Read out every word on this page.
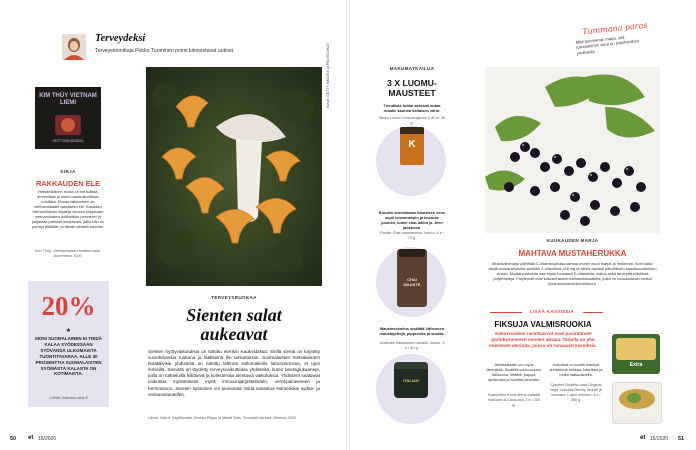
Terveydeksi
Terveystoimittaja Pirkko Tuominen poimi kiinnostavat uutiset.
KIM THÚY VIETNAM LIEMI
KEITTOKIRJASARJA
KIRJA
RAKKAUDEN ELE
Vietnamilainen ruoka on herkullista, terveellistä ja usein raaka-aineiltaan edullista. Ruoan laittaminen on vietnamilaisille tarkoitettu ele. Kanadan vietnamilainen kirjailija neuvoo kirjassaan vietnamilaisen kotikeittiön perusteet ja paljastaa parhaat reseptinsä, jotka hän on perinyt äidiltään ja tämän viideltä siskolta.
Kim Thúy: Vietnamilaisen keittiön salat. Gummerus 2020.
20%
★
MONI SUOMALAINEN EI TIEDÄ KALAA SYÖDESSÄÄN SYÖVÄNSÄ ULKOMAISTA TUONTITAVARAA. ALLE 30 PROSENTTIA SUOMALAISTEN SYÖMÄSTÄ KALASTA ON KOTIMAISTA.
Lähde: kalastus-alue.fi
Kuvat: GETTY IMAGES ja PALVELUKAT
TERVEYSRUOKAA
Sienten salat
aukeavat
Sienten hyötyvaikutuksia on tutkittu etenkin Kaukoidässä. Siellä sieniä on käytetty vuosituhansia ruokana ja lääkkeinä llin tarkoituksiin. Suomalaisten metsäsienten bioaktiivisia yhdisteitä on tutkittu lähinnä sollumalleilla laboratoriossa, ei ujuri ihmisillä. Sienistä on löydetty terveysvaikutteisia yhdisteitä, kuten beetaglukaaneja, joilla on tutkieluilla hillitsevä ja kolesterolia alentavia vaikutuksia. Yhdisteet saattavat vaikuttaa myönteisesti myös immuunijärjestelmään, verenpaineeseen ja hermostoon. Sienten syöminen voi pienentää riskiä sairastua esimerkiksi sydän- ja verisuonitauteihin.
Lähde: luke.fi. Kirjallisuutta: Sinikka Piippo ja Marttti Salo. Terveyttä sienistä. Minerva 2020.
MAKUMATKAILUA
3 X LUOMU-
MAUSTEET
Trendikäs Intian sahrami antaa ruoalle kauniin keltaisen värin.
Meira Luomu Kurkumajauhe 2,40 e/ 35 g.
K
Kuuden aromikkaan mausteen seos sopii leivonnaisiin ja kuumiin juomiin, kuten chai-lattiin ja -teen juokkoon.
Foodin Chai-mausteseos, luomu, 6 e / 70 g.
CHAI MAUSTE
Maustesekoitus sisältää Välimeren maustayrttejä, pippureita ja suolaa.
Urtekram Italialainen mauste, luomu, 3 e / 40 g.
ITALIAN
Tummana paras
Mitä tummempi marja, sitä runsaammin siinä on polyfenolisia yhdisteitä.
KUUKAUDEN MARJA
MAHTAVA MUSTAHERUKKA
Mustaviinimarja päihittää C-vitamiinipitoisuudessa monet muut marjat ja hedelmät. Noin kaksi desiä mustaherukoita sisältää C-vitamiinia 128 mg eli lähes tuplasti päivittäisen saantisuosituksen verran. Mustaherukoista saa myös runsaasti E-vitamiinia, kuitua sekä terveyttä edistäviä polyfenoleja. Polyfenolit ovat kasvien aineenvaihduntatuotteita, jotka ne muodostavat omiksi puolustusmekanismeikseen.
LISÄÄ KASVISSIA
FIKSUJA VALMISRUOKIA
Valmisruokien ravintoarvot ovat parantuneet parinkymmenen vuoden aikana. Tarjolla on yhä enemmän aterioita, joissa on runsaasti kasviksia.
Ateriasalaatin voi myös lämmittää. Sisältää cous couusa, halloumia, fetaeiä, papuja, aprikoosia ja tuoretta pinaattia.
Saarioinen Extra Ateria-salaatti Halloumi & Couscous 3 e / 200 g.
Kulhossa on kuottu maukas yhdistelmä ankkaa, kasviksia ja muita raaka-aineita.
Quickes Buddha bowl Original vege, kokoisa Rendy, feuriet ja kanaska 2 apin chicken, 4 e / 350 g.
Extra
50 et 15/2020	et 15/2020 51
